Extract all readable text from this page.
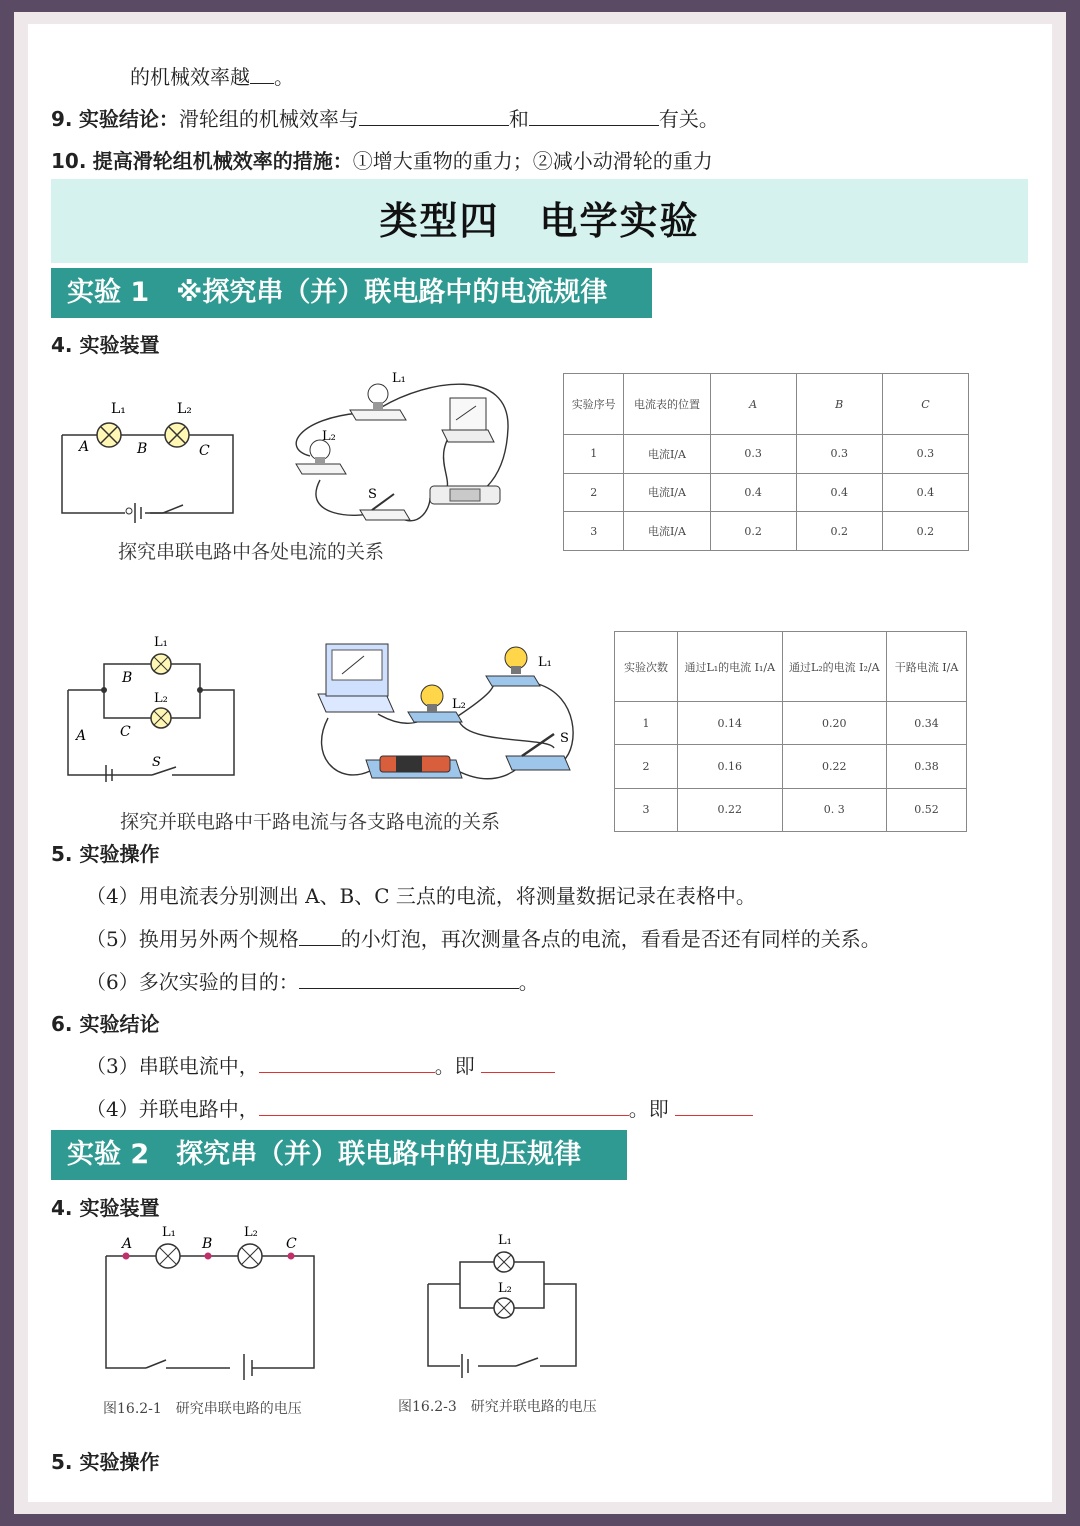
的机械效率越 。
9. 实验结论：滑轮组的机械效率与	和	有关。
10. 提高滑轮组机械效率的措施：①增大重物的重力；②减小动滑轮的重力
类型四　电学实验
实验 1　※探究串（并）联电路中的电流规律
4. 实验装置
L₁	L₂
A	B	C
L₁
L₂
S
探究串联电路中各处电流的关系
实验序号	电流表的位置	A	B	C
1	电流I/A	0.3	0.3	0.3
2	电流I/A	0.4	0.4	0.4
3	电流I/A	0.2	0.2	0.2
L₁
L₂
B
C
A
S
L₁
L₂
S
探究并联电路中干路电流与各支路电流的关系
实验次数	通过L₁的电流 I₁/A	通过L₂的电流 I₂/A	干路电流 I/A
1	0.14	0.20	0.34
2	0.16	0.22	0.38
3	0.22	0. 3	0.52
5. 实验操作
（4）用电流表分别测出 A、B、C 三点的电流，将测量数据记录在表格中。
（5）换用另外两个规格 的小灯泡，再次测量各点的电流，看看是否还有同样的关系。
（6）多次实验的目的：	。
6. 实验结论
（3）串联电流中，	。即
（4）并联电路中，	。即
实验 2　探究串（并）联电路中的电压规律
4. 实验装置
A	B	C
L₁	L₂
图16.2-1　研究串联电路的电压
L₁
L₂
图16.2-3　研究并联电路的电压
5. 实验操作
